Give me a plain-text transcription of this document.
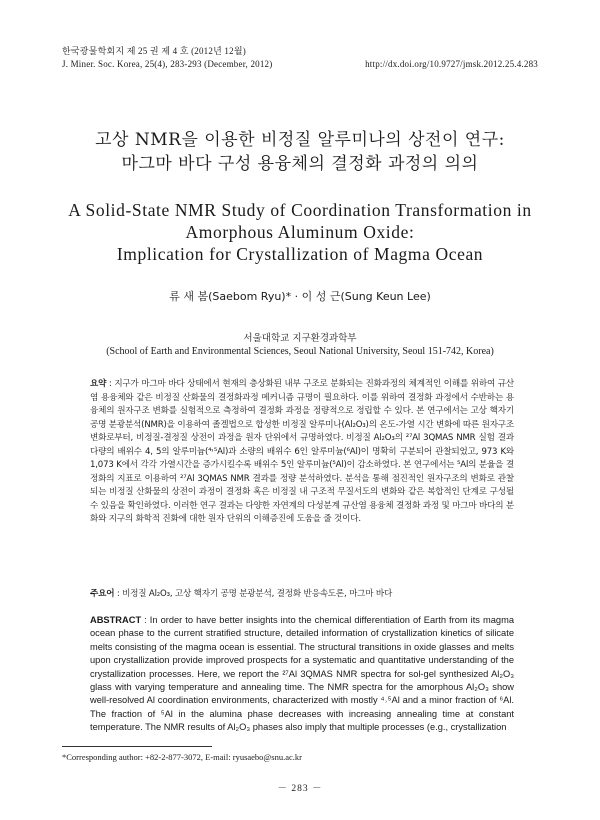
한국광물학회지 제 25 권 제 4 호 (2012년 12월)
J. Miner. Soc. Korea, 25(4), 283-293 (December, 2012)	http://dx.doi.org/10.9727/jmsk.2012.25.4.283
고상 NMR을 이용한 비정질 알루미나의 상전이 연구:
마그마 바다 구성 용융체의 결정화 과정의 의의
A Solid-State NMR Study of Coordination Transformation in
Amorphous Aluminum Oxide:
Implication for Crystallization of Magma Ocean
류 새 봄(Saebom Ryu)* · 이 성 근(Sung Keun Lee)
서울대학교 지구환경과학부
(School of Earth and Environmental Sciences, Seoul National University, Seoul 151-742, Korea)

요약 : 지구가 마그마 바다 상태에서 현재의 층상화된 내부 구조로 분화되는 진화과정의 체계적인 이해를 위하여 규산염 용융체와 같은 비정질 산화물의 결정화과정 메커니즘 규명이 필요하다. 이를 위하여 결정화 과정에서 수반하는 용융체의 원자구조 변화를 실험적으로 측정하여 결정화 과정을 정량적으로 정립할 수 있다. 본 연구에서는 고상 핵자기 공명 분광분석(NMR)을 이용하여 졸겔법으로 합성한 비정질 알루미나(Al₂O₃)의 온도-가열 시간 변화에 따른 원자구조 변화로부터, 비정질-결정질 상전이 과정을 원자 단위에서 규명하였다. 비정질 Al₂O₃의 ²⁷Al 3QMAS NMR 실험 결과 다량의 배위수 4, 5의 알루미늄(⁴˒⁵Al)과 소량의 배위수 6인 알루미늄(⁶Al)이 명확히 구분되어 관찰되었고, 973 K와 1,073 K에서 각각 가열시간을 증가시킬수록 배위수 5인 알루미늄(⁵Al)이 감소하였다. 본 연구에서는 ⁵Al의 분율을 결정화의 지표로 이용하여 ²⁷Al 3QMAS NMR 결과를 정량 분석하였다. 분석을 통해 점진적인 원자구조의 변화로 관찰되는 비정질 산화물의 상전이 과정이 결정화 혹은 비정질 내 구조적 무질서도의 변화와 같은 복합적인 단계로 구성될 수 있음을 확인하였다. 이러한 연구 결과는 다양한 자연계의 다성분계 규산염 용융체 결정화 과정 및 마그마 바다의 분화와 지구의 화학적 진화에 대한 원자 단위의 이해증진에 도움을 줄 것이다.

주요어 : 비정질 Al₂O₃, 고상 핵자기 공명 분광분석, 결정화 반응속도론, 마그마 바다

ABSTRACT : In order to have better insights into the chemical differentiation of Earth from its magma ocean phase to the current stratified structure, detailed information of crystallization kinetics of silicate melts consisting of the magma ocean is essential. The structural transitions in oxide glasses and melts upon crystallization provide improved prospects for a systematic and quantitative understanding of the crystallization processes. Here, we report the ²⁷Al 3QMAS NMR spectra for sol-gel synthesized Al₂O₃ glass with varying temperature and annealing time. The NMR spectra for the amorphous Al₂O₃ show well-resolved Al coordination environments, characterized with mostly ⁴˒⁵Al and a minor fraction of ⁶Al. The fraction of ⁵Al in the alumina phase decreases with increasing annealing time at constant temperature. The NMR results of Al₂O₃ phases also imply that multiple processes (e.g., crystallization

*Corresponding author: +82-2-877-3072, E-mail: ryusaebo@snu.ac.kr
－ 283 －
